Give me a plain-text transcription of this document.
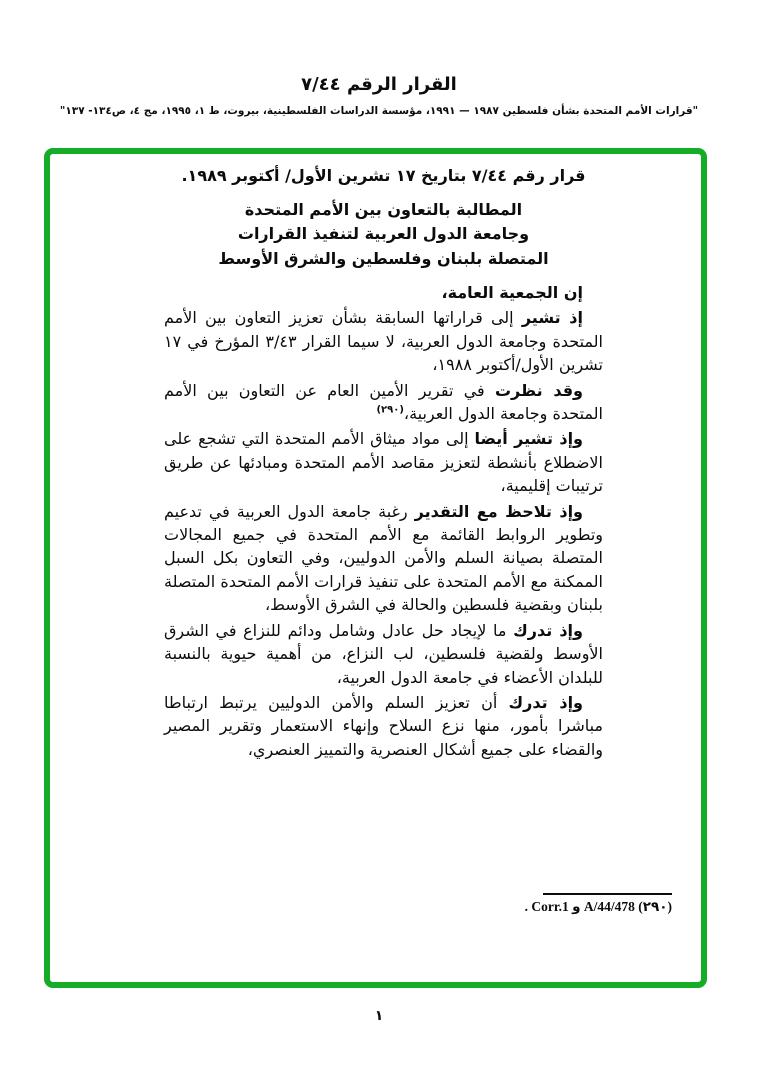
القرار الرقم ٧/٤٤
"قرارات الأمم المتحدة بشأن فلسطين ١٩٨٧ — ١٩٩١، مؤسسة الدراسات الفلسطينية، بيروت، ط ١، ١٩٩٥، مج ٤، ص١٣٤- ١٣٧"
قرار رقم ٧/٤٤ بتاريخ ١٧ تشرين الأول/ أكتوبر ١٩٨٩.
المطالبة بالتعاون بين الأمم المتحدة
وجامعة الدول العربية لتنفيذ القرارات
المتصلة بلبنان وفلسطين والشرق الأوسط

إن الجمعية العامة،

إذ تشير إلى قراراتها السابقة بشأن تعزيز التعاون بين الأمم المتحدة وجامعة الدول العربية، لا سيما القرار ٣/٤٣ المؤرخ في ١٧ تشرين الأول/أكتوبر ١٩٨٨،

وقد نظرت في تقرير الأمين العام عن التعاون بين الأمم المتحدة وجامعة الدول العربية،$^{(٢٩٠)}$

وإذ تشير أيضا إلى مواد ميثاق الأمم المتحدة التي تشجع على الاضطلاع بأنشطة لتعزيز مقاصد الأمم المتحدة ومبادئها عن طريق ترتيبات إقليمية،

وإذ تلاحظ مع التقدير رغبة جامعة الدول العربية في تدعيم وتطوير الروابط القائمة مع الأمم المتحدة في جميع المجالات المتصلة بصيانة السلم والأمن الدوليين، وفي التعاون بكل السبل الممكنة مع الأمم المتحدة على تنفيذ قرارات الأمم المتحدة المتصلة بلبنان وبقضية فلسطين والحالة في الشرق الأوسط،

وإذ تدرك ما لإيجاد حل عادل وشامل ودائم للنزاع في الشرق الأوسط ولقضية فلسطين، لب النزاع، من أهمية حيوية بالنسبة للبلدان الأعضاء في جامعة الدول العربية،

وإذ تدرك أن تعزيز السلم والأمن الدوليين يرتبط ارتباطا مباشرا بأمور، منها نزع السلاح وإنهاء الاستعمار وتقرير المصير والقضاء على جميع أشكال العنصرية والتمييز العنصري،

(٢٩٠) A/44/478 و Corr.1 .
١
